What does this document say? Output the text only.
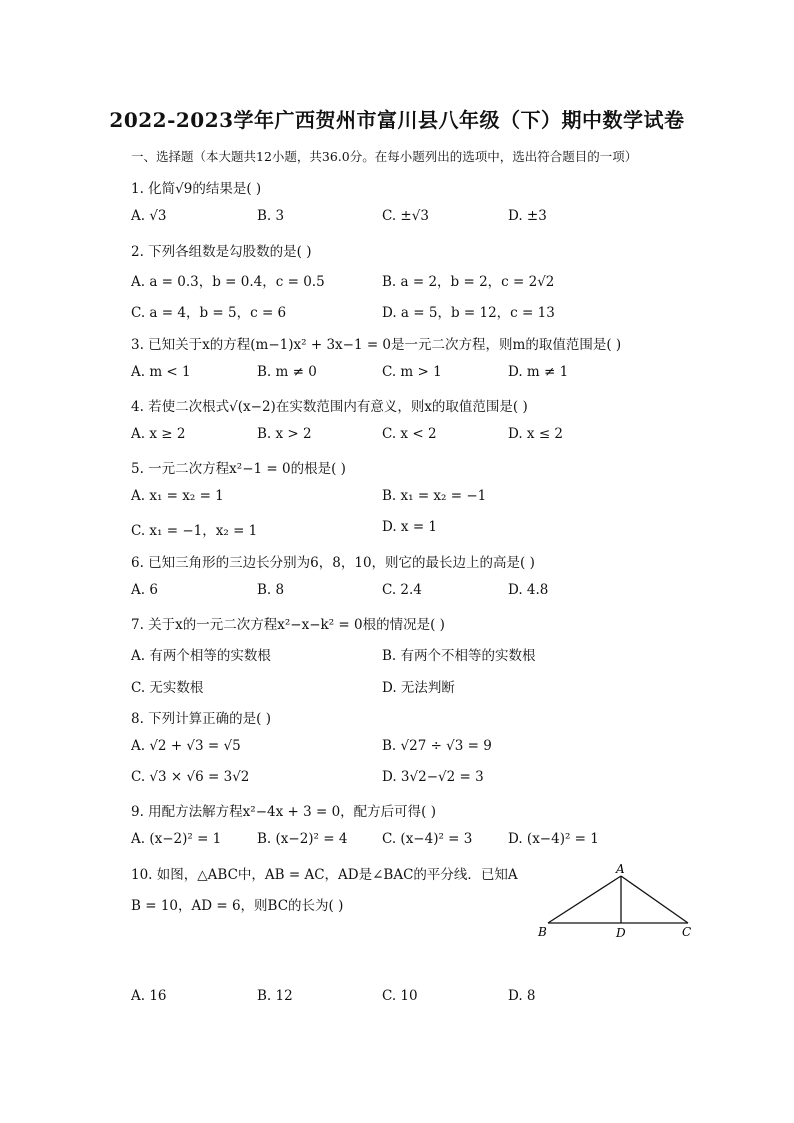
2022-2023学年广西贺州市富川县八年级（下）期中数学试卷
一、选择题（本大题共12小题，共36.0分。在每小题列出的选项中，选出符合题目的一项）
1. 化简√9的结果是( )
A. √3	B. 3	C. ±√3	D. ±3
2. 下列各组数是勾股数的是( )
A. a = 0.3，b = 0.4，c = 0.5	B. a = 2，b = 2，c = 2√2
C. a = 4，b = 5，c = 6	D. a = 5，b = 12，c = 13
3. 已知关于x的方程(m−1)x² + 3x−1 = 0是一元二次方程，则m的取值范围是( )
A. m < 1	B. m ≠ 0	C. m > 1	D. m ≠ 1
4. 若使二次根式√(x−2)在实数范围内有意义，则x的取值范围是( )
A. x ≥ 2	B. x > 2	C. x < 2	D. x ≤ 2
5. 一元二次方程x²−1 = 0的根是( )
A. x₁ = x₂ = 1	B. x₁ = x₂ = −1
C. x₁ = −1，x₂ = 1	D. x = 1
6. 已知三角形的三边长分别为6，8，10，则它的最长边上的高是( )
A. 6	B. 8	C. 2.4	D. 4.8
7. 关于x的一元二次方程x²−x−k² = 0根的情况是( )
A. 有两个相等的实数根	B. 有两个不相等的实数根
C. 无实数根	D. 无法判断
8. 下列计算正确的是( )
A. √2 + √3 = √5	B. √27 ÷ √3 = 9
C. √3 × √6 = 3√2	D. 3√2−√2 = 3
9. 用配方法解方程x²−4x + 3 = 0，配方后可得( )
A. (x−2)² = 1	B. (x−2)² = 4	C. (x−4)² = 3	D. (x−4)² = 1
10. 如图，△ABC中，AB = AC，AD是∠BAC的平分线．已知A
B = 10，AD = 6，则BC的长为( )
A
B	D	C
A. 16	B. 12	C. 10	D. 8
